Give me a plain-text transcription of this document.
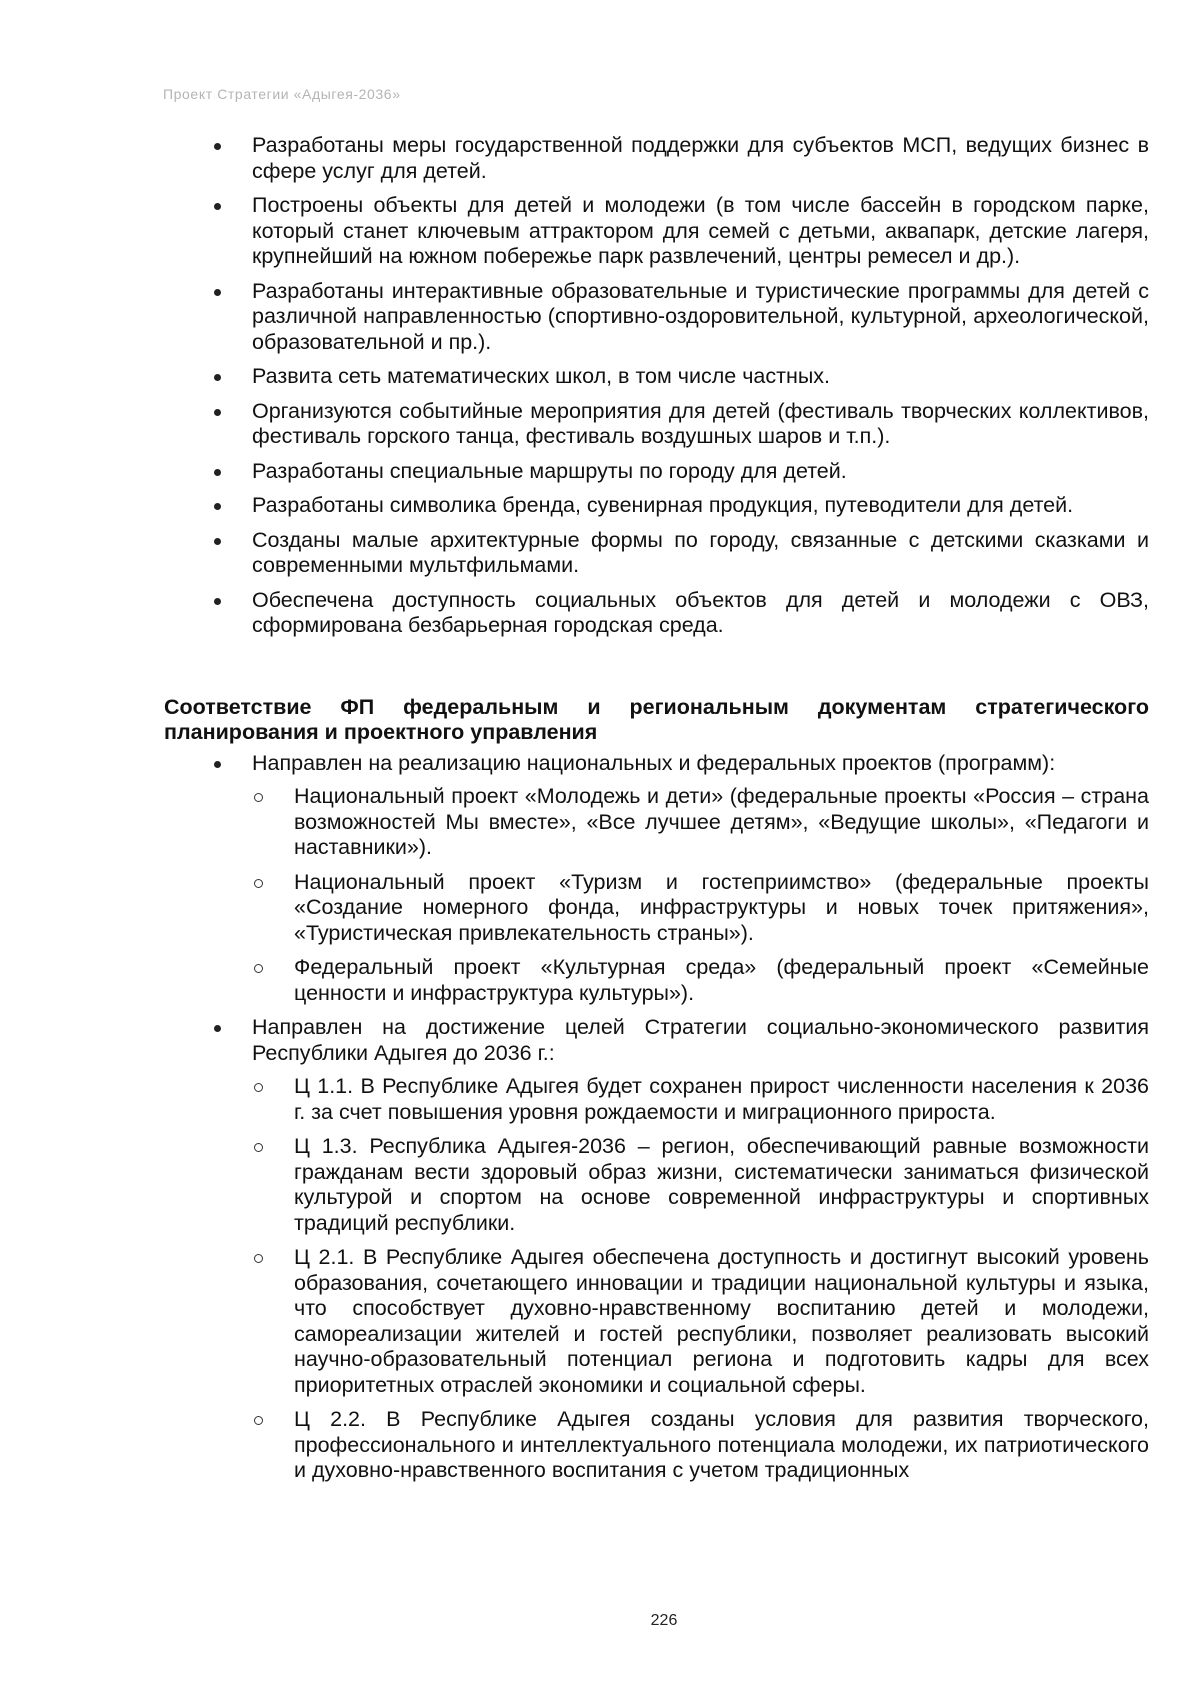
Проект Стратегии «Адыгея-2036»
Разработаны меры государственной поддержки для субъектов МСП, ведущих бизнес в сфере услуг для детей.
Построены объекты для детей и молодежи (в том числе бассейн в городском парке, который станет ключевым аттрактором для семей с детьми, аквапарк, детские лагеря, крупнейший на южном побережье парк развлечений, центры ремесел и др.).
Разработаны интерактивные образовательные и туристические программы для детей с различной направленностью (спортивно-оздоровительной, культурной, археологической, образовательной и пр.).
Развита сеть математических школ, в том числе частных.
Организуются событийные мероприятия для детей (фестиваль творческих коллективов, фестиваль горского танца, фестиваль воздушных шаров и т.п.).
Разработаны специальные маршруты по городу для детей.
Разработаны символика бренда, сувенирная продукция, путеводители для детей.
Созданы малые архитектурные формы по городу, связанные с детскими сказками и современными мультфильмами.
Обеспечена доступность социальных объектов для детей и молодежи с ОВЗ, сформирована безбарьерная городская среда.
Соответствие ФП федеральным и региональным документам стратегического планирования и проектного управления
Направлен на реализацию национальных и федеральных проектов (программ):
Национальный проект «Молодежь и дети» (федеральные проекты «Россия – страна возможностей Мы вместе», «Все лучшее детям», «Ведущие школы», «Педагоги и наставники»).
Национальный проект «Туризм и гостеприимство» (федеральные проекты «Создание номерного фонда, инфраструктуры и новых точек притяжения», «Туристическая привлекательность страны»).
Федеральный проект «Культурная среда» (федеральный проект «Семейные ценности и инфраструктура культуры»).
Направлен на достижение целей Стратегии социально-экономического развития Республики Адыгея до 2036 г.:
Ц 1.1. В Республике Адыгея будет сохранен прирост численности населения к 2036 г. за счет повышения уровня рождаемости и миграционного прироста.
Ц 1.3. Республика Адыгея-2036 – регион, обеспечивающий равные возможности гражданам вести здоровый образ жизни, систематически заниматься физической культурой и спортом на основе современной инфраструктуры и спортивных традиций республики.
Ц 2.1. В Республике Адыгея обеспечена доступность и достигнут высокий уровень образования, сочетающего инновации и традиции национальной культуры и языка, что способствует духовно-нравственному воспитанию детей и молодежи, самореализации жителей и гостей республики, позволяет реализовать высокий научно-образовательный потенциал региона и подготовить кадры для всех приоритетных отраслей экономики и социальной сферы.
Ц 2.2. В Республике Адыгея созданы условия для развития творческого, профессионального и интеллектуального потенциала молодежи, их патриотического и духовно-нравственного воспитания с учетом традиционных
226
